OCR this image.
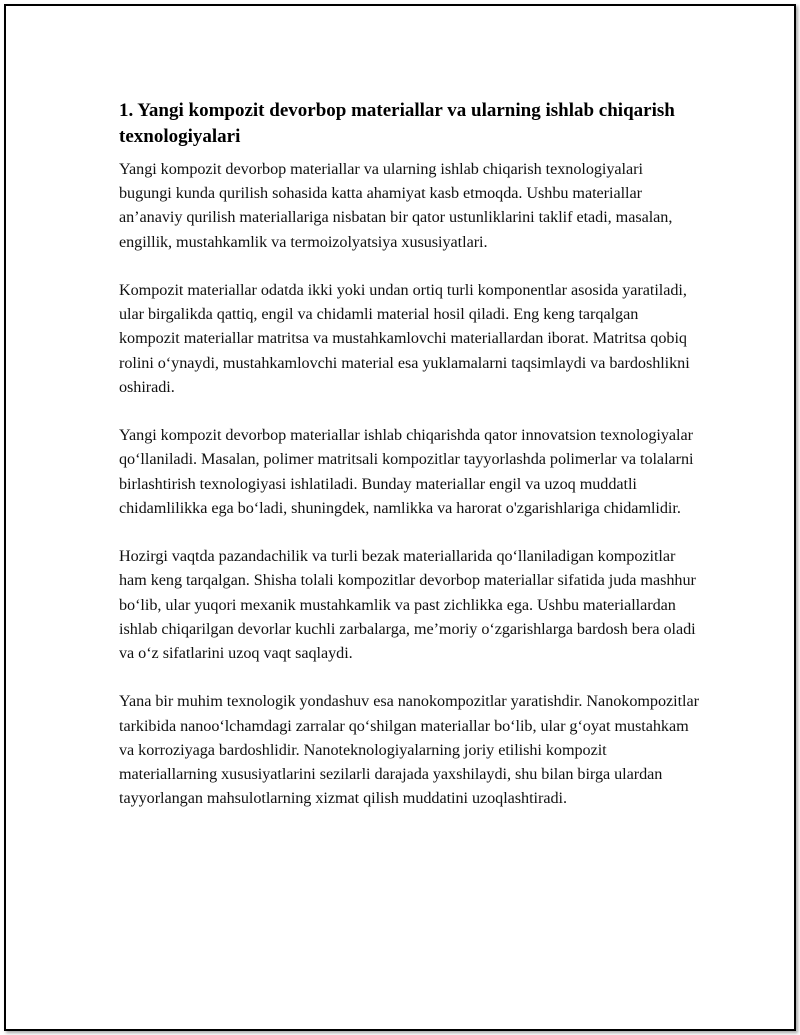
1. Yangi kompozit devorbop materiallar va ularning ishlab chiqarish texnologiyalari

Yangi kompozit devorbop materiallar va ularning ishlab chiqarish texnologiyalari bugungi kunda qurilish sohasida katta ahamiyat kasb etmoqda. Ushbu materiallar an’anaviy qurilish materiallariga nisbatan bir qator ustunliklarini taklif etadi, masalan, engillik, mustahkamlik va termoizolyatsiya xususiyatlari.

Kompozit materiallar odatda ikki yoki undan ortiq turli komponentlar asosida yaratiladi, ular birgalikda qattiq, engil va chidamli material hosil qiladi. Eng keng tarqalgan kompozit materiallar matritsa va mustahkamlovchi materiallardan iborat. Matritsa qobiq rolini oʻynaydi, mustahkamlovchi material esa yuklamalarni taqsimlaydi va bardoshlikni oshiradi.

Yangi kompozit devorbop materiallar ishlab chiqarishda qator innovatsion texnologiyalar qoʻllaniladi. Masalan, polimer matritsali kompozitlar tayyorlashda polimerlar va tolalarni birlashtirish texnologiyasi ishlatiladi. Bunday materiallar engil va uzoq muddatli chidamlilikka ega boʻladi, shuningdek, namlikka va harorat o'zgarishlariga chidamlidir.

Hozirgi vaqtda pazandachilik va turli bezak materiallarida qoʻllaniladigan kompozitlar ham keng tarqalgan. Shisha tolali kompozitlar devorbop materiallar sifatida juda mashhur boʻlib, ular yuqori mexanik mustahkamlik va past zichlikka ega. Ushbu materiallardan ishlab chiqarilgan devorlar kuchli zarbalarga, me’moriy oʻzgarishlarga bardosh bera oladi va oʻz sifatlarini uzoq vaqt saqlaydi.

Yana bir muhim texnologik yondashuv esa nanokompozitlar yaratishdir. Nanokompozitlar tarkibida nanooʻlchamdagi zarralar qoʻshilgan materiallar boʻlib, ular gʻoyat mustahkam va korroziyaga bardoshlidir. Nanoteknologiyalarning joriy etilishi kompozit materiallarning xususiyatlarini sezilarli darajada yaxshilaydi, shu bilan birga ulardan tayyorlangan mahsulotlarning xizmat qilish muddatini uzoqlashtiradi.
